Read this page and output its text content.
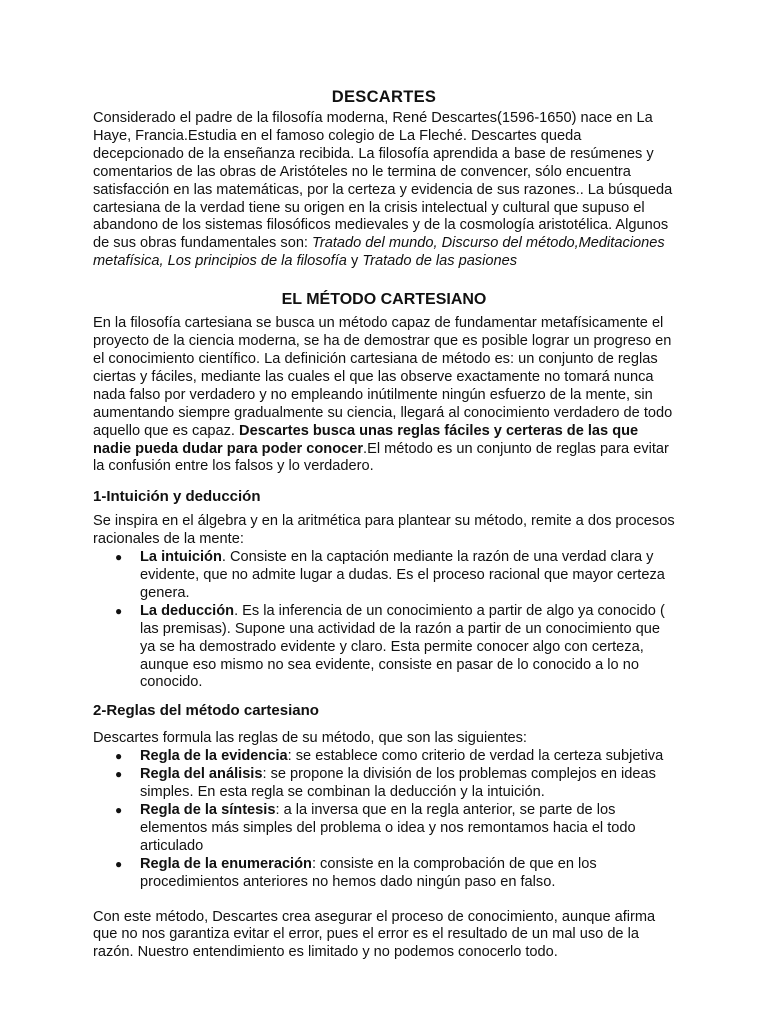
DESCARTES

Considerado el padre de la filosofía moderna, René Descartes(1596-1650) nace en La Haye, Francia.Estudia en el famoso colegio de La Fleché. Descartes queda decepcionado de la enseñanza recibida. La filosofía aprendida a base de resúmenes y comentarios de las obras de Aristóteles no le termina de convencer, sólo encuentra satisfacción en las matemáticas, por la certeza y evidencia de sus razones.. La búsqueda cartesiana de la verdad tiene su origen en la crisis intelectual y cultural que supuso el abandono de los sistemas filosóficos medievales y de la cosmología aristotélica. Algunos de sus obras fundamentales son: Tratado del mundo, Discurso del método,Meditaciones metafísica, Los principios de la filosofía y Tratado de las pasiones

EL MÉTODO CARTESIANO

En la filosofía cartesiana se busca un método capaz de fundamentar metafísicamente el proyecto de la ciencia moderna, se ha de demostrar que es posible lograr un progreso en el conocimiento científico. La definición cartesiana de método es: un conjunto de reglas ciertas y fáciles, mediante las cuales el que las observe exactamente no tomará nunca nada falso por verdadero y no empleando inútilmente ningún esfuerzo de la mente, sin aumentando siempre gradualmente su ciencia, llegará al conocimiento verdadero de todo aquello que es capaz. Descartes busca unas reglas fáciles y certeras de las que nadie pueda dudar para poder conocer.El método es un conjunto de reglas para evitar la confusión entre los falsos y lo verdadero.

1-Intuición y deducción

Se inspira en el álgebra y en la aritmética para plantear su método, remite a dos procesos racionales de la mente:

● La intuición. Consiste en la captación mediante la razón de una verdad clara y evidente, que no admite lugar a dudas. Es el proceso racional que mayor certeza genera.
● La deducción. Es la inferencia de un conocimiento a partir de algo ya conocido ( las premisas). Supone una actividad de la razón a partir de un conocimiento que ya se ha demostrado evidente y claro. Esta permite conocer algo con certeza, aunque eso mismo no sea evidente, consiste en pasar de lo conocido a lo no conocido.
2-Reglas del método cartesiano

Descartes formula las reglas de su método, que son las siguientes:

● Regla de la evidencia: se establece como criterio de verdad la certeza subjetiva
● Regla del análisis: se propone la división de los problemas complejos en ideas simples. En esta regla se combinan la deducción y la intuición.
● Regla de la síntesis: a la inversa que en la regla anterior, se parte de los elementos más simples del problema o idea y nos remontamos hacia el todo articulado
● Regla de la enumeración: consiste en la comprobación de que en los procedimientos anteriores no hemos dado ningún paso en falso.

Con este método, Descartes crea asegurar el proceso de conocimiento, aunque afirma que no nos garantiza evitar el error, pues el error es el resultado de un mal uso de la razón. Nuestro entendimiento es limitado y no podemos conocerlo todo.
